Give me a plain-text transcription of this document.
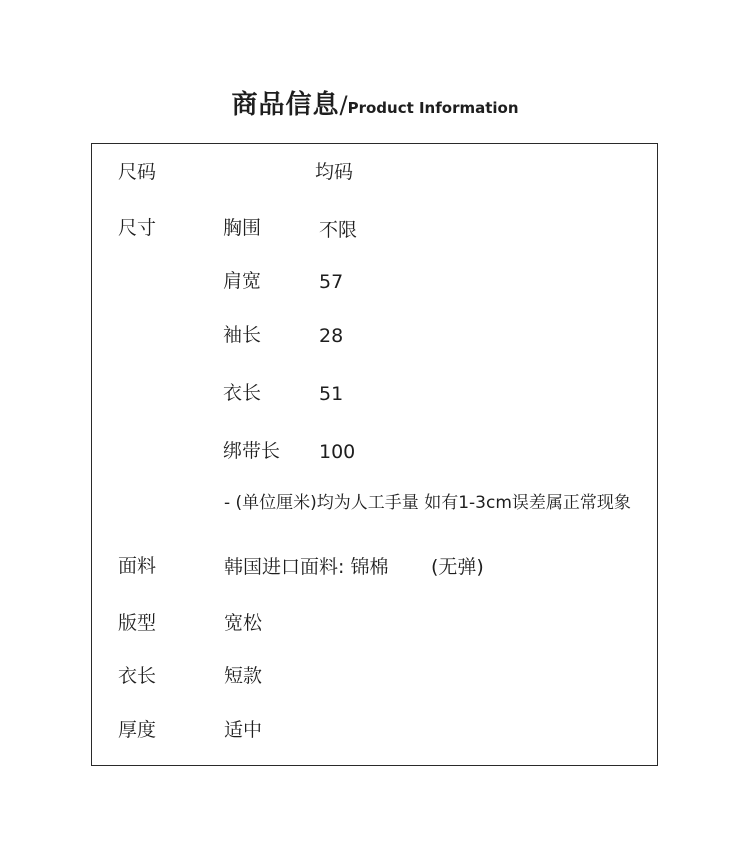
商品信息/Product Information
尺码	均码
尺寸	胸围	不限
肩宽	57
袖长	28
衣长	51
绑带长 100
- (单位厘米)均为人工手量 如有1-3cm误差属正常现象
面料	韩国进口面料: 锦棉 (无弹)
版型	宽松
衣长	短款
厚度	适中
